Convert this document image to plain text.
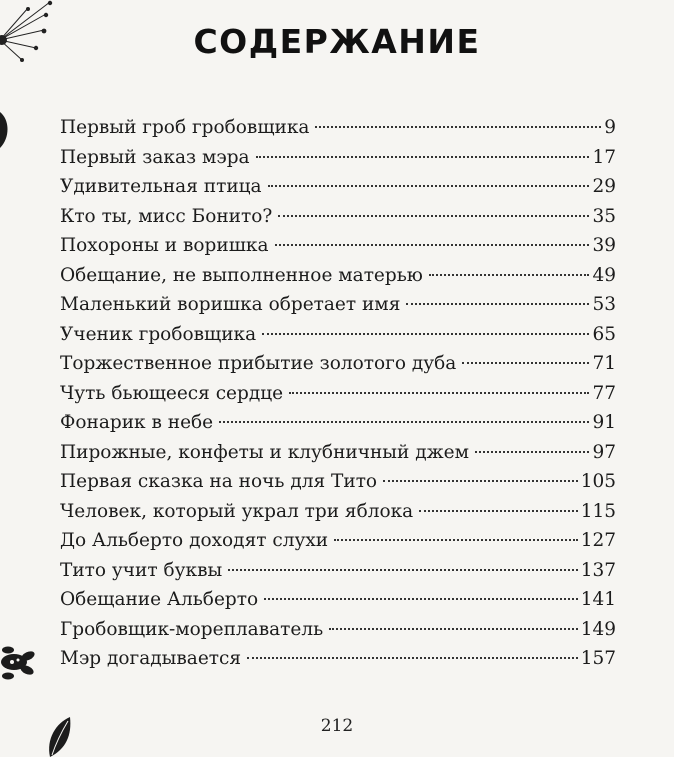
СОДЕРЖАНИЕ
Первый гроб гробовщика	9
Первый заказ мэра	17
Удивительная птица	29
Кто ты, мисс Бонито?	35
Похороны и воришка	39
Обещание, не выполненное матерью	49
Маленький воришка обретает имя	53
Ученик гробовщика	65
Торжественное прибытие золотого дуба	71
Чуть бьющееся сердце	77
Фонарик в небе	91
Пирожные, конфеты и клубничный джем	97
Первая сказка на ночь для Тито	105
Человек, который украл три яблока	115
До Альберто доходят слухи	127
Тито учит буквы	137
Обещание Альберто	141
Гробовщик-мореплаватель	149
Мэр догадывается	157
212
